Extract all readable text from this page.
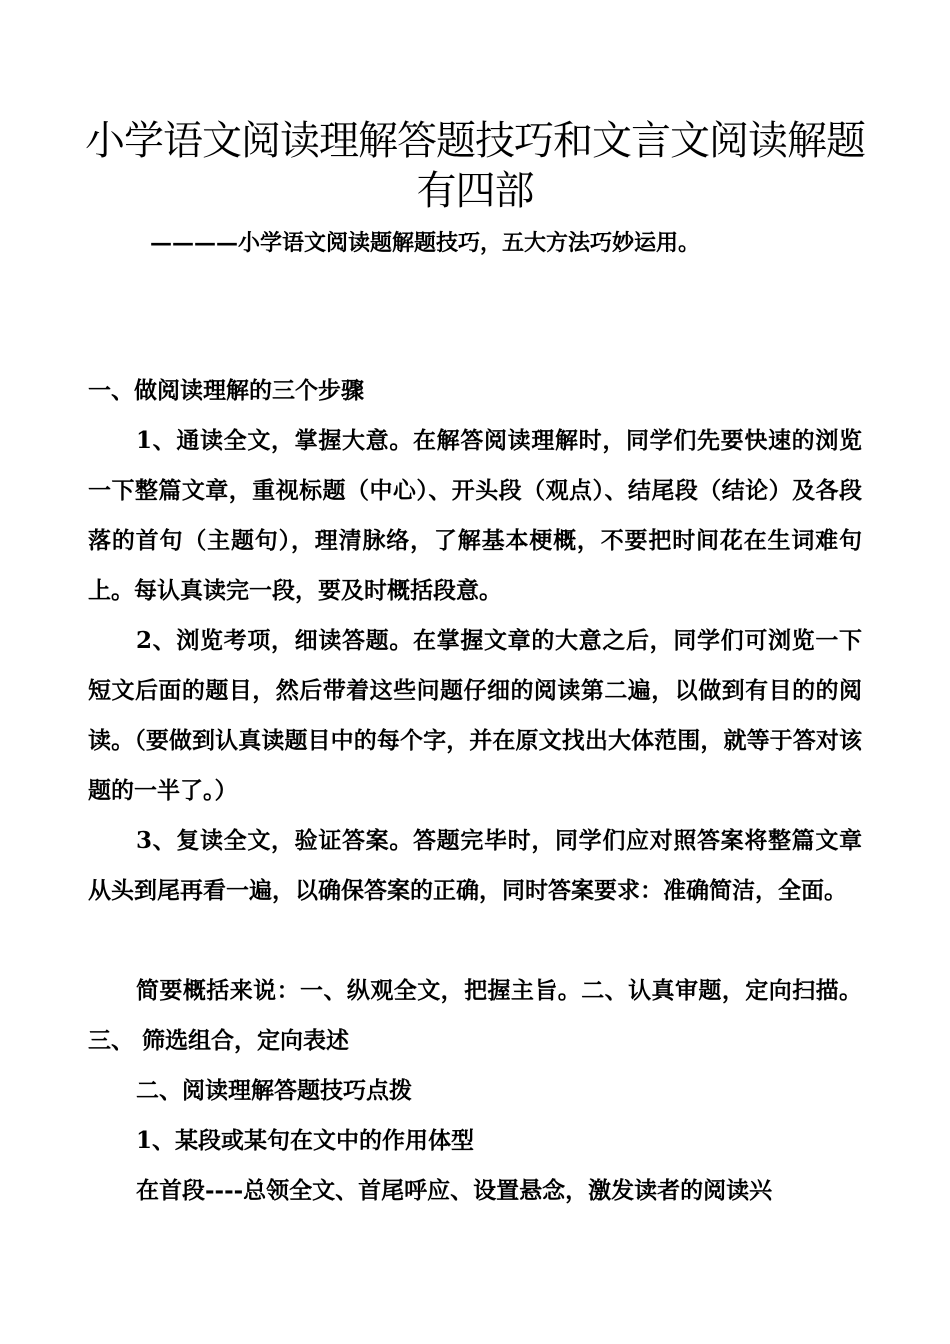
小学语文阅读理解答题技巧和文言文阅读解题
有四部

————小学语文阅读题解题技巧，五大方法巧妙运用。

一、做阅读理解的三个步骤

1、通读全文，掌握大意。在解答阅读理解时，同学们先要快速的浏览一下整篇文章，重视标题（中心）、开头段（观点）、结尾段（结论）及各段落的首句（主题句），理清脉络，了解基本梗概，不要把时间花在生词难句上。每认真读完一段，要及时概括段意。

2、浏览考项，细读答题。在掌握文章的大意之后，同学们可浏览一下短文后面的题目，然后带着这些问题仔细的阅读第二遍，以做到有目的的阅读。（要做到认真读题目中的每个字，并在原文找出大体范围，就等于答对该题的一半了。）

3、复读全文，验证答案。答题完毕时，同学们应对照答案将整篇文章从头到尾再看一遍，以确保答案的正确，同时答案要求：准确简洁，全面。

简要概括来说：一、纵观全文，把握主旨。二、认真审题，定向扫描。三、 筛选组合，定向表述

二、阅读理解答题技巧点拨

1、某段或某句在文中的作用体型

在首段----总领全文、首尾呼应、设置悬念，激发读者的阅读兴
